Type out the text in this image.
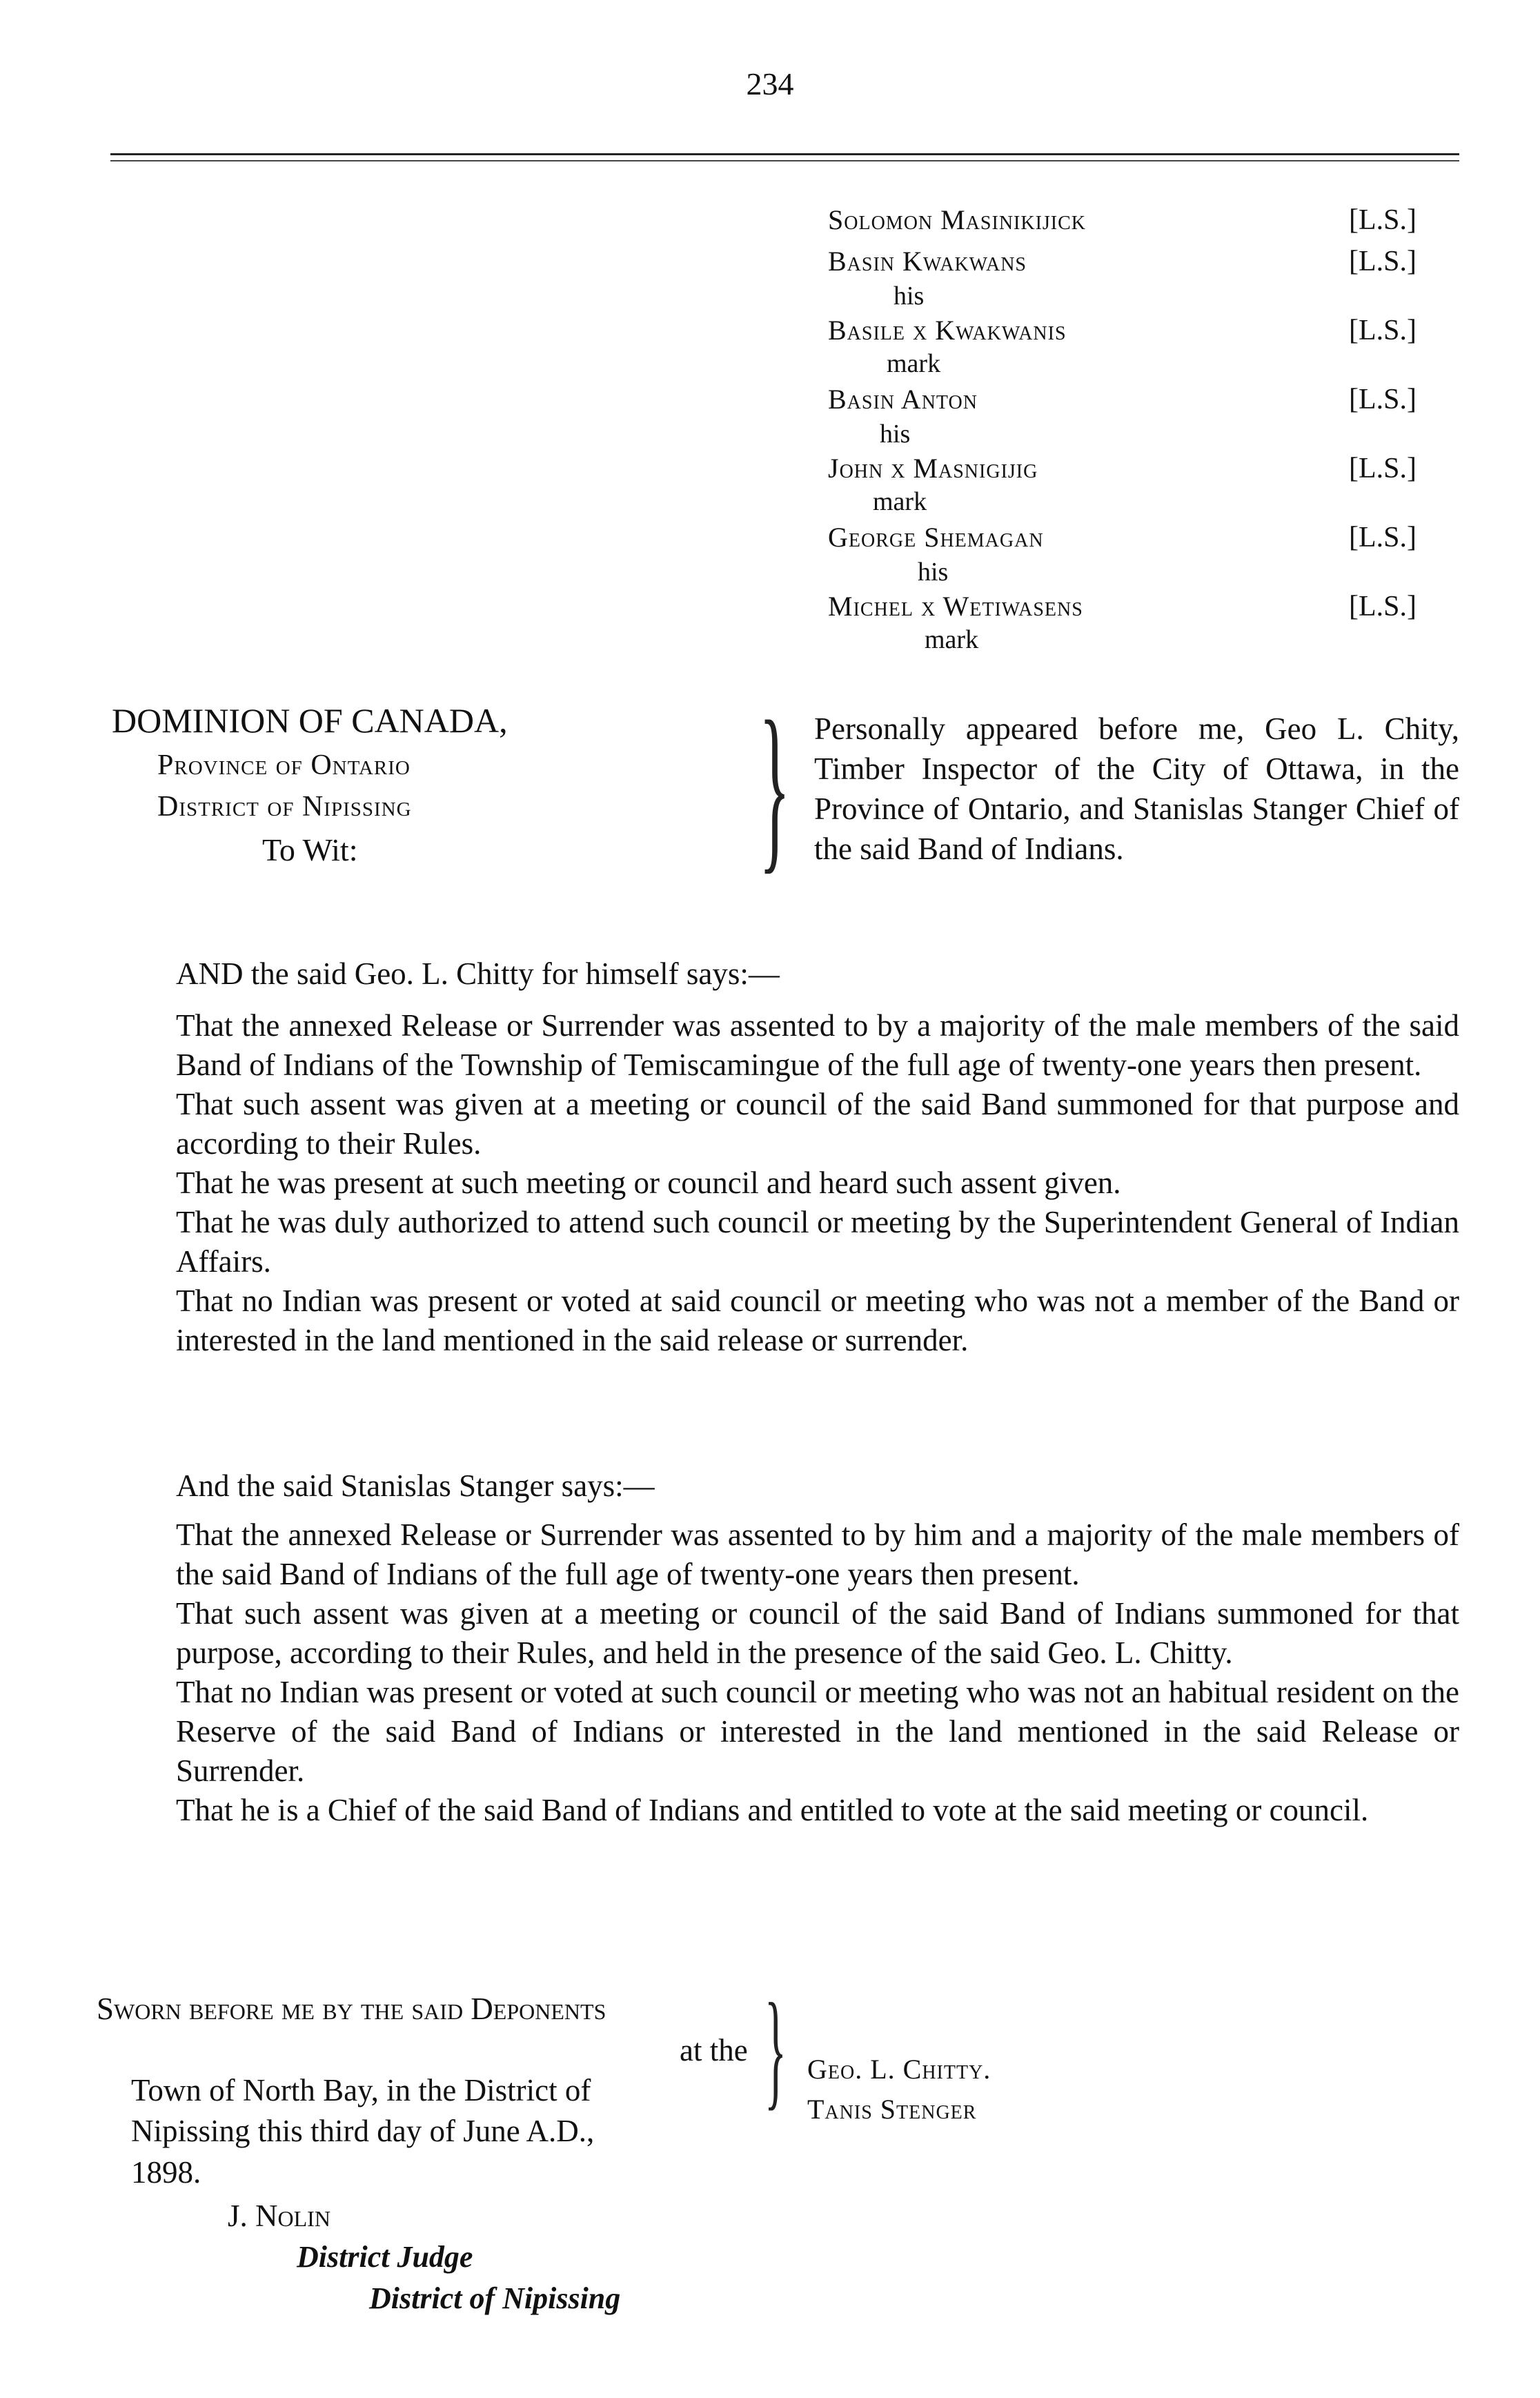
234
Solomon Masinikijick	[L.S.]
Basin Kwakwans	[L.S.]
his
Basile x Kwakwanis	[L.S.]
mark
Basin Anton	[L.S.]
his
John x Masnigijig	[L.S.]
mark
George Shemagan	[L.S.]
his
Michel x Wetiwasens	[L.S.]
mark
DOMINION OF CANADA,
Province of Ontario
District of Nipissing
To Wit: } Personally appeared before me, Geo L. Chity, Timber Inspector of the City of Ottawa, in the Province of Ontario, and Stanislas Stanger Chief of the said Band of Indians.
AND the said Geo. L. Chitty for himself says:—
That the annexed Release or Surrender was assented to by a majority of the male members of the said Band of Indians of the Township of Temiscamingue of the full age of twenty-one years then present.
That such assent was given at a meeting or council of the said Band summoned for that purpose and according to their Rules.
That he was present at such meeting or council and heard such assent given.
That he was duly authorized to attend such council or meeting by the Superintendent General of Indian Affairs.
That no Indian was present or voted at said council or meeting who was not a member of the Band or interested in the land mentioned in the said release or surrender.
And the said Stanislas Stanger says:—
That the annexed Release or Surrender was assented to by him and a majority of the male members of the said Band of Indians of the full age of twenty-one years then present.
That such assent was given at a meeting or council of the said Band of Indians summoned for that purpose, according to their Rules, and held in the presence of the said Geo. L. Chitty.
That no Indian was present or voted at such council or meeting who was not an habitual resident on the Reserve of the said Band of Indians or interested in the land mentioned in the said Release or Surrender.
That he is a Chief of the said Band of Indians and entitled to vote at the said meeting or council.
Sworn before me by the said Deponents
at the
Town of North Bay, in the District of
Nipissing this third day of June A.D.,
1898.
} Geo. L. Chitty.
Tanis Stenger
J. Nolin
District Judge
District of Nipissing
